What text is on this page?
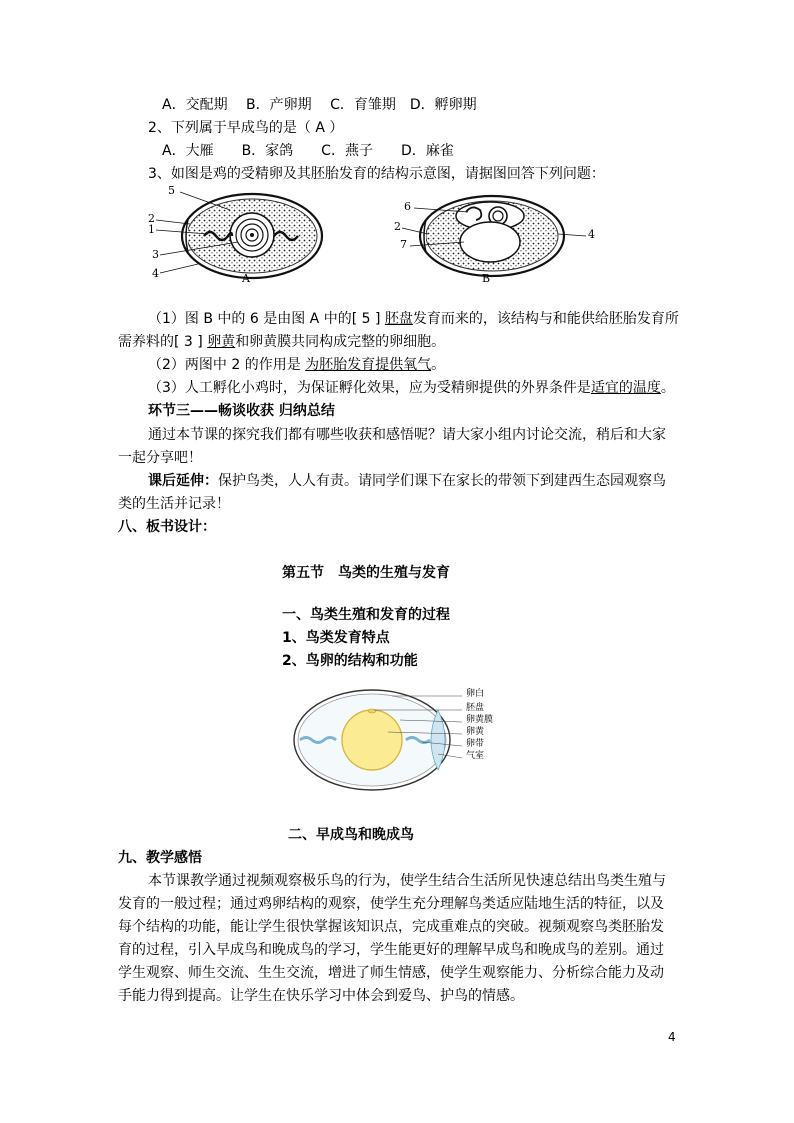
A．交配期　 B．产卵期　 C．育雏期　D．孵卵期
2、下列属于早成鸟的是（ A ）
A．大雁　　B．家鸽　　C．燕子　　D．麻雀
3、如图是鸡的受精卵及其胚胎发育的结构示意图，请据图回答下列问题：
5
2
1
3
4	A
6
2
7
4
B
（1）图 B 中的 6 是由图 A 中的[ 5 ] 胚盘发育而来的，该结构与和能供给胚胎发育所
需养料的[ 3 ] 卵黄和卵黄膜共同构成完整的卵细胞。
（2）两图中 2 的作用是 为胚胎发育提供氧气。
（3）人工孵化小鸡时，为保证孵化效果，应为受精卵提供的外界条件是适宜的温度。
环节三——畅谈收获 归纳总结
通过本节课的探究我们都有哪些收获和感悟呢？请大家小组内讨论交流，稍后和大家
一起分享吧！
课后延伸：保护鸟类，人人有责。请同学们课下在家长的带领下到建西生态园观察鸟
类的生活并记录！
八、板书设计：
第五节　鸟类的生殖与发育
一、鸟类生殖和发育的过程
1、鸟类发育特点
2、鸟卵的结构和功能
卵白
胚盘
卵黄膜
卵黄
卵带
气室
二、早成鸟和晚成鸟
九、教学感悟
本节课教学通过视频观察极乐鸟的行为，使学生结合生活所见快速总结出鸟类生殖与
发育的一般过程；通过鸡卵结构的观察，使学生充分理解鸟类适应陆地生活的特征，以及
每个结构的功能，能让学生很快掌握该知识点，完成重难点的突破。视频观察鸟类胚胎发
育的过程，引入早成鸟和晚成鸟的学习，学生能更好的理解早成鸟和晚成鸟的差别。通过
学生观察、师生交流、生生交流，增进了师生情感，使学生观察能力、分析综合能力及动
手能力得到提高。让学生在快乐学习中体会到爱鸟、护鸟的情感。
4
